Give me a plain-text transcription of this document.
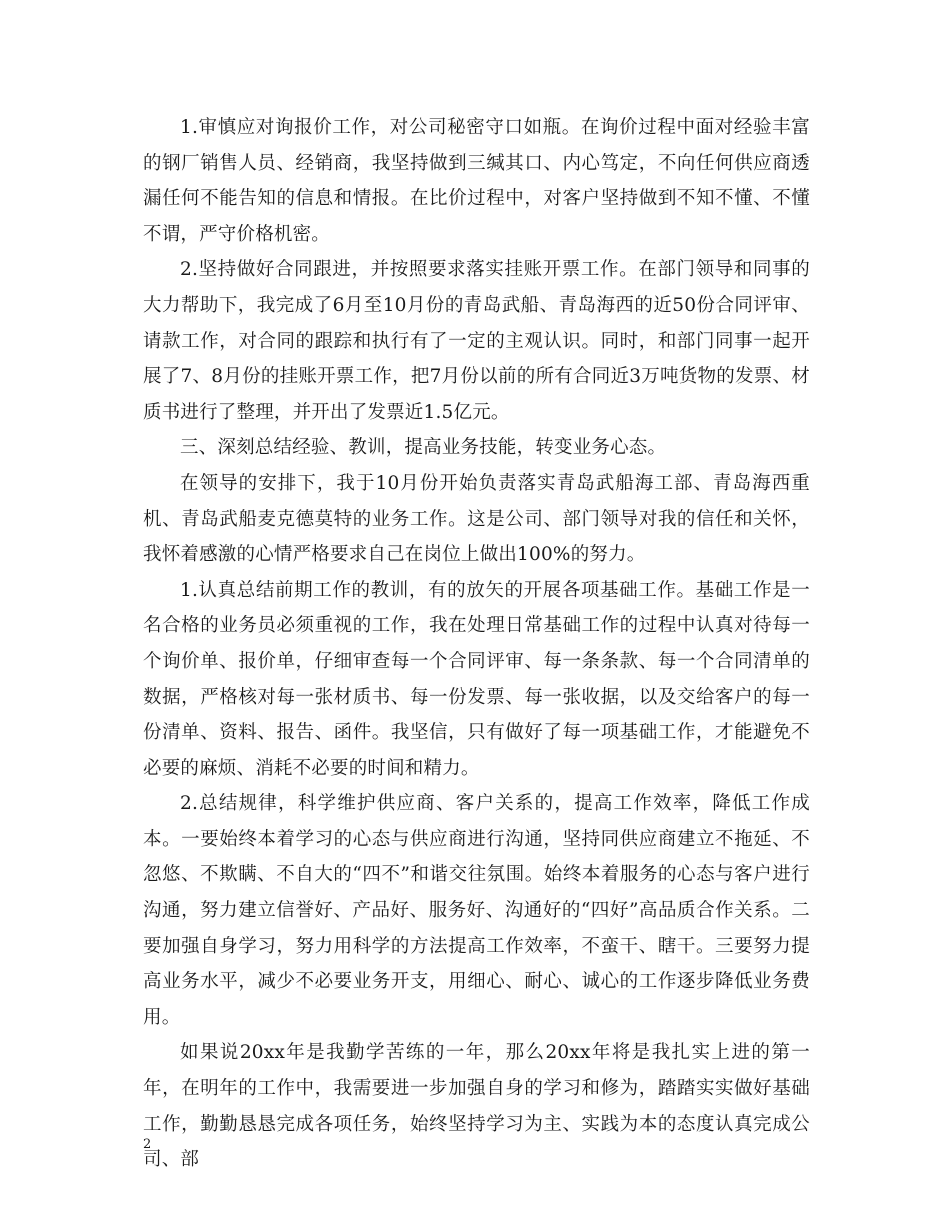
1.审慎应对询报价工作，对公司秘密守口如瓶。在询价过程中面对经验丰富的钢厂销售人员、经销商，我坚持做到三缄其口、内心笃定，不向任何供应商透漏任何不能告知的信息和情报。在比价过程中，对客户坚持做到不知不懂、不懂不谓，严守价格机密。

2.坚持做好合同跟进，并按照要求落实挂账开票工作。在部门领导和同事的大力帮助下，我完成了6月至10月份的青岛武船、青岛海西的近50份合同评审、请款工作，对合同的跟踪和执行有了一定的主观认识。同时，和部门同事一起开展了7、8月份的挂账开票工作，把7月份以前的所有合同近3万吨货物的发票、材质书进行了整理，并开出了发票近1.5亿元。

三、深刻总结经验、教训，提高业务技能，转变业务心态。

在领导的安排下，我于10月份开始负责落实青岛武船海工部、青岛海西重机、青岛武船麦克德莫特的业务工作。这是公司、部门领导对我的信任和关怀，我怀着感激的心情严格要求自己在岗位上做出100%的努力。

1.认真总结前期工作的教训，有的放矢的开展各项基础工作。基础工作是一名合格的业务员必须重视的工作，我在处理日常基础工作的过程中认真对待每一个询价单、报价单，仔细审查每一个合同评审、每一条条款、每一个合同清单的数据，严格核对每一张材质书、每一份发票、每一张收据，以及交给客户的每一份清单、资料、报告、函件。我坚信，只有做好了每一项基础工作，才能避免不必要的麻烦、消耗不必要的时间和精力。

2.总结规律，科学维护供应商、客户关系的，提高工作效率，降低工作成本。一要始终本着学习的心态与供应商进行沟通，坚持同供应商建立不拖延、不忽悠、不欺瞒、不自大的“四不”和谐交往氛围。始终本着服务的心态与客户进行沟通，努力建立信誉好、产品好、服务好、沟通好的“四好”高品质合作关系。二要加强自身学习，努力用科学的方法提高工作效率，不蛮干、瞎干。三要努力提高业务水平，减少不必要业务开支，用细心、耐心、诚心的工作逐步降低业务费用。

如果说20xx年是我勤学苦练的一年，那么20xx年将是我扎实上进的第一年，在明年的工作中，我需要进一步加强自身的学习和修为，踏踏实实做好基础工作，勤勤恳恳完成各项任务，始终坚持学习为主、实践为本的态度认真完成公司、部

2
